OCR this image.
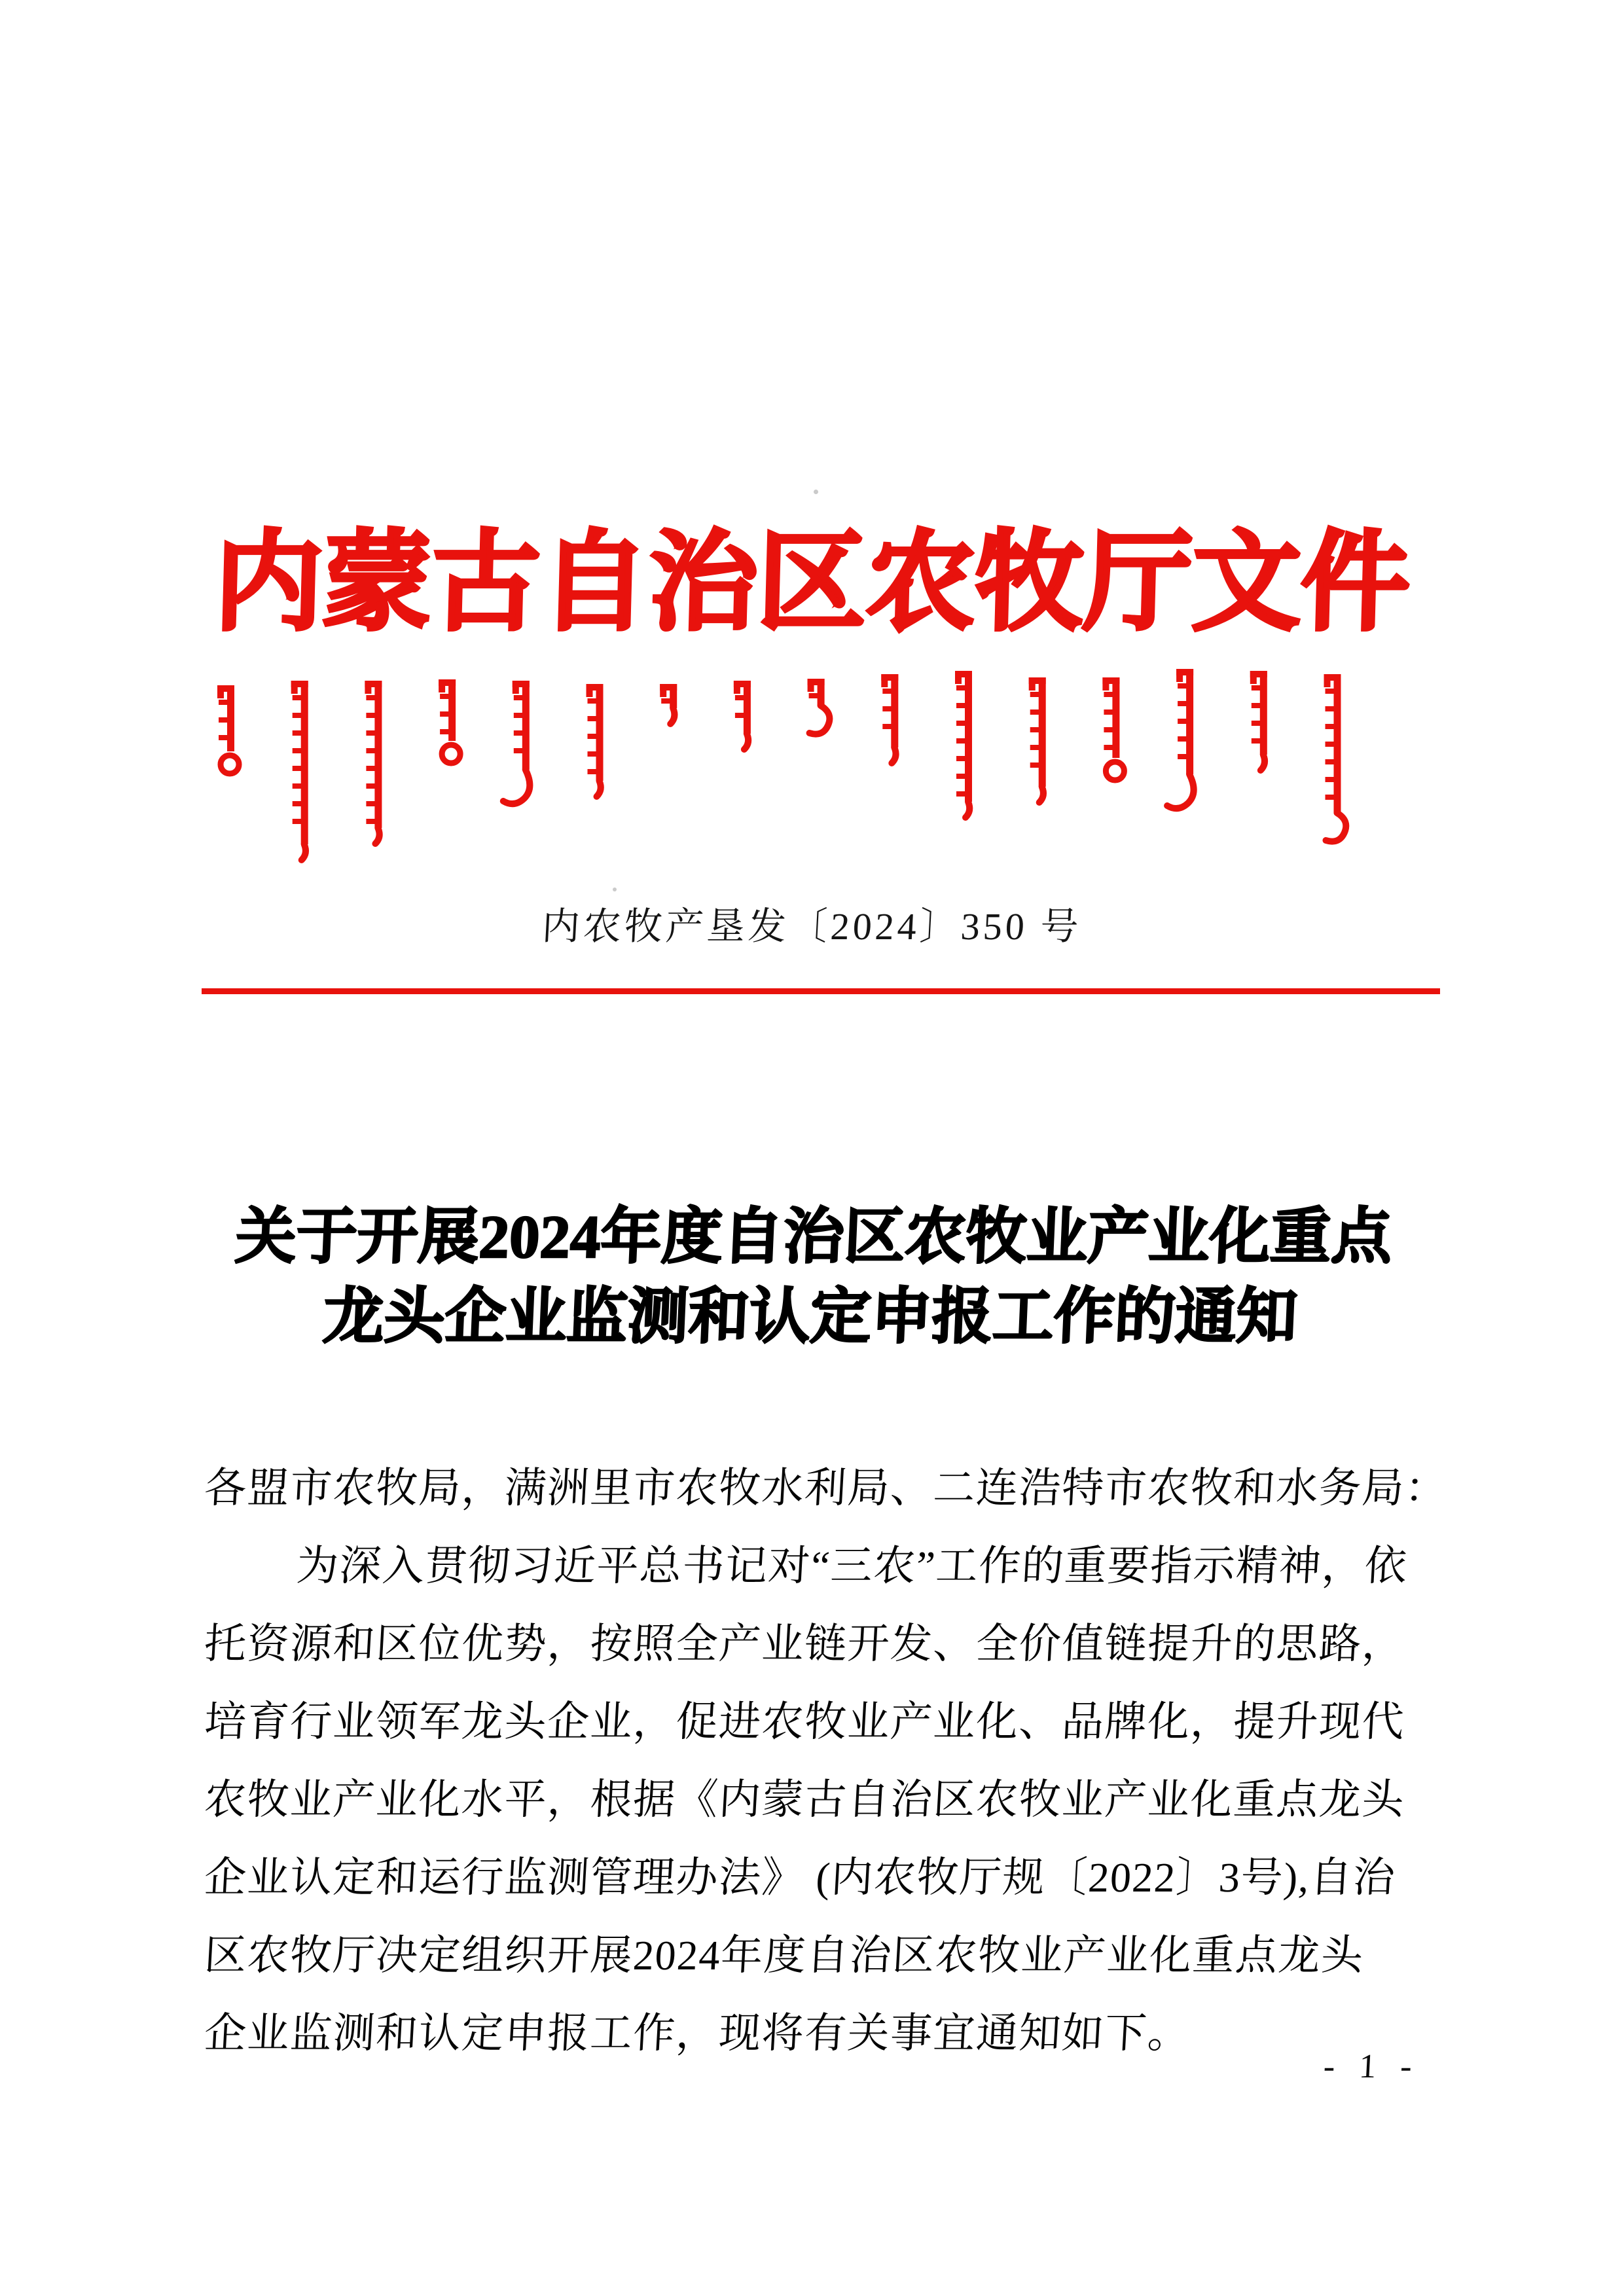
内蒙古自治区农牧厅文件
内农牧产垦发〔2024〕350 号
关于开展2024年度自治区农牧业产业化重点
龙头企业监测和认定申报工作的通知
各盟市农牧局，满洲里市农牧水利局、二连浩特市农牧和水务局：
为深入贯彻习近平总书记对“三农”工作的重要指示精神，依
托资源和区位优势，按照全产业链开发、全价值链提升的思路，
培育行业领军龙头企业，促进农牧业产业化、品牌化，提升现代
农牧业产业化水平，根据《内蒙古自治区农牧业产业化重点龙头
企业认定和运行监测管理办法》 (内农牧厅规〔2022〕3号),自治
区农牧厅决定组织开展2024年度自治区农牧业产业化重点龙头
企业监测和认定申报工作，现将有关事宜通知如下。
- 1 -
